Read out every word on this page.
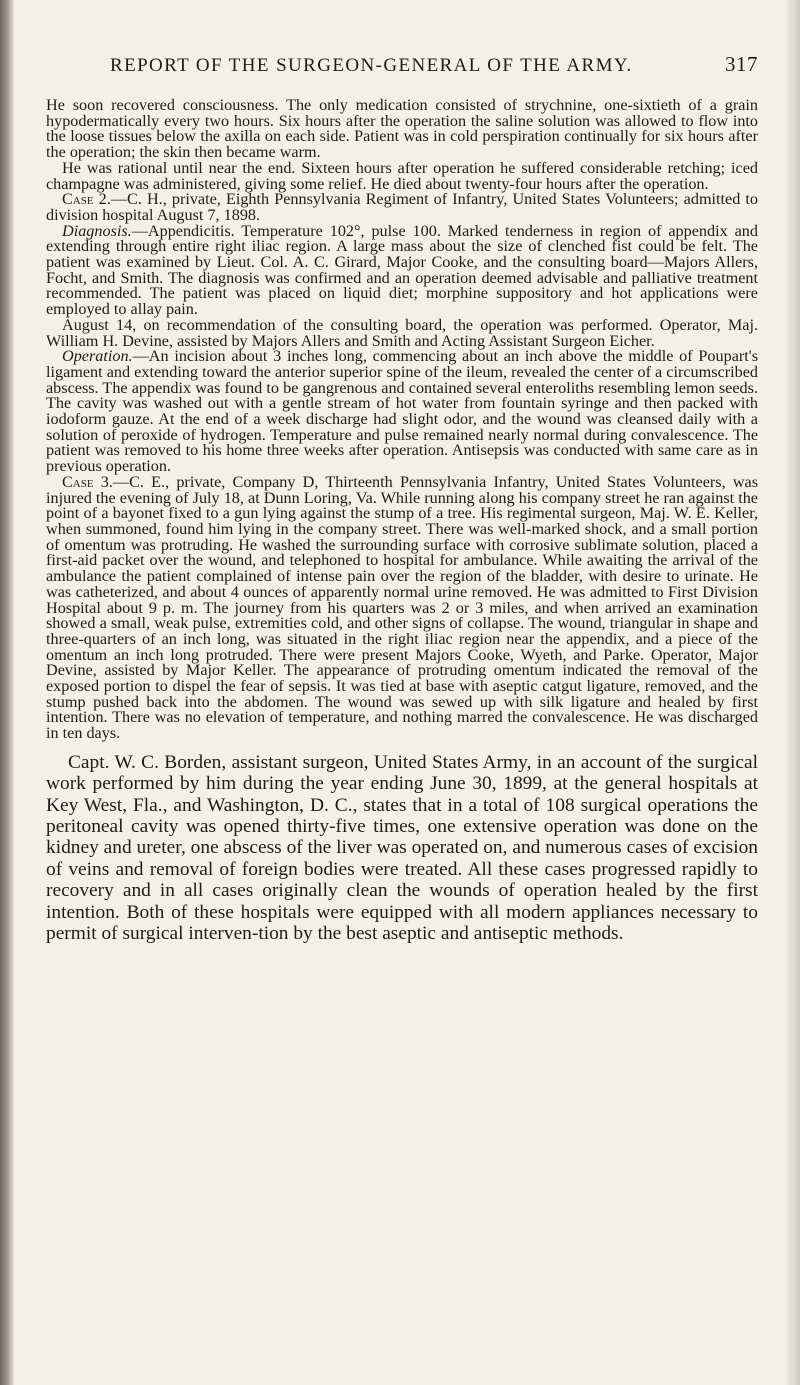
REPORT OF THE SURGEON-GENERAL OF THE ARMY.	317

He soon recovered consciousness. The only medication consisted of strychnine, one-sixtieth of a grain hypodermatically every two hours. Six hours after the operation the saline solution was allowed to flow into the loose tissues below the axilla on each side. Patient was in cold perspiration continually for six hours after the operation; the skin then became warm.

He was rational until near the end. Sixteen hours after operation he suffered considerable retching; iced champagne was administered, giving some relief. He died about twenty-four hours after the operation.

Case 2.—C. H., private, Eighth Pennsylvania Regiment of Infantry, United States Volunteers; admitted to division hospital August 7, 1898.

Diagnosis.—Appendicitis. Temperature 102°, pulse 100. Marked tenderness in region of appendix and extending through entire right iliac region. A large mass about the size of clenched fist could be felt. The patient was examined by Lieut. Col. A. C. Girard, Major Cooke, and the consulting board—Majors Allers, Focht, and Smith. The diagnosis was confirmed and an operation deemed advisable and palliative treatment recommended. The patient was placed on liquid diet; morphine suppository and hot applications were employed to allay pain.

August 14, on recommendation of the consulting board, the operation was performed. Operator, Maj. William H. Devine, assisted by Majors Allers and Smith and Acting Assistant Surgeon Eicher.

Operation.—An incision about 3 inches long, commencing about an inch above the middle of Poupart's ligament and extending toward the anterior superior spine of the ileum, revealed the center of a circumscribed abscess. The appendix was found to be gangrenous and contained several enteroliths resembling lemon seeds. The cavity was washed out with a gentle stream of hot water from fountain syringe and then packed with iodoform gauze. At the end of a week discharge had slight odor, and the wound was cleansed daily with a solution of peroxide of hydrogen. Temperature and pulse remained nearly normal during convalescence. The patient was removed to his home three weeks after operation. Antisepsis was conducted with same care as in previous operation.

Case 3.—C. E., private, Company D, Thirteenth Pennsylvania Infantry, United States Volunteers, was injured the evening of July 18, at Dunn Loring, Va. While running along his company street he ran against the point of a bayonet fixed to a gun lying against the stump of a tree. His regimental surgeon, Maj. W. E. Keller, when summoned, found him lying in the company street. There was well-marked shock, and a small portion of omentum was protruding. He washed the surrounding surface with corrosive sublimate solution, placed a first-aid packet over the wound, and telephoned to hospital for ambulance. While awaiting the arrival of the ambulance the patient complained of intense pain over the region of the bladder, with desire to urinate. He was catheterized, and about 4 ounces of apparently normal urine removed. He was admitted to First Division Hospital about 9 p. m. The journey from his quarters was 2 or 3 miles, and when arrived an examination showed a small, weak pulse, extremities cold, and other signs of collapse. The wound, triangular in shape and three-quarters of an inch long, was situated in the right iliac region near the appendix, and a piece of the omentum an inch long protruded. There were present Majors Cooke, Wyeth, and Parke. Operator, Major Devine, assisted by Major Keller. The appearance of protruding omentum indicated the removal of the exposed portion to dispel the fear of sepsis. It was tied at base with aseptic catgut ligature, removed, and the stump pushed back into the abdomen. The wound was sewed up with silk ligature and healed by first intention. There was no elevation of temperature, and nothing marred the convalescence. He was discharged in ten days.

Capt. W. C. Borden, assistant surgeon, United States Army, in an account of the surgical work performed by him during the year ending June 30, 1899, at the general hospitals at Key West, Fla., and Washington, D. C., states that in a total of 108 surgical operations the peritoneal cavity was opened thirty-five times, one extensive operation was done on the kidney and ureter, one abscess of the liver was operated on, and numerous cases of excision of veins and removal of foreign bodies were treated. All these cases progressed rapidly to recovery and in all cases originally clean the wounds of operation healed by the first intention. Both of these hospitals were equipped with all modern appliances necessary to permit of surgical interven-tion by the best aseptic and antiseptic methods.
